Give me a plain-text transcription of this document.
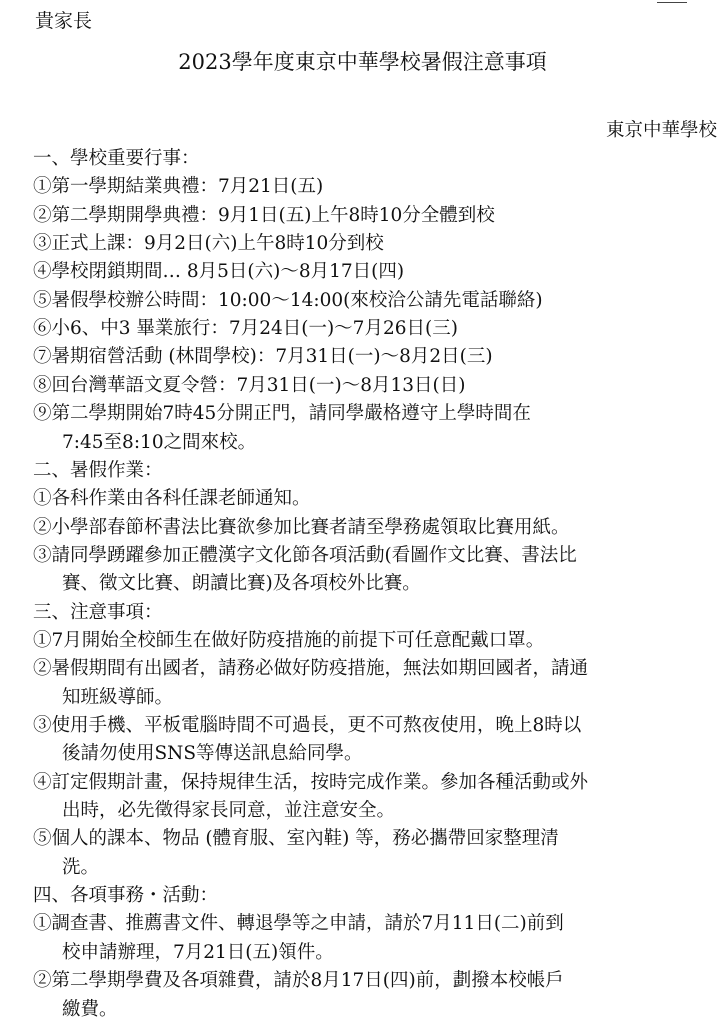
貴家長
2023學年度東京中華學校暑假注意事項
東京中華學校
一、學校重要行事：
①第一學期結業典禮：7月21日(五)
②第二學期開學典禮：9月1日(五)上午8時10分全體到校
③正式上課：9月2日(六)上午8時10分到校
④學校閉鎖期間… 8月5日(六)～8月17日(四)
⑤暑假學校辦公時間：10:00～14:00(來校洽公請先電話聯絡)
⑥小6、中3 畢業旅行：7月24日(一)～7月26日(三)
⑦暑期宿營活動 (林間學校)：7月31日(一)～8月2日(三)
⑧回台灣華語文夏令營：7月31日(一)～8月13日(日)
⑨第二學期開始7時45分開正門，請同學嚴格遵守上學時間在
7:45至8:10之間來校。
二、暑假作業：
①各科作業由各科任課老師通知。
②小學部春節杯書法比賽欲參加比賽者請至學務處領取比賽用紙。
③請同學踴躍參加正體漢字文化節各項活動(看圖作文比賽、書法比
賽、徵文比賽、朗讀比賽)及各項校外比賽。
三、注意事項：
①7月開始全校師生在做好防疫措施的前提下可任意配戴口罩。
②暑假期間有出國者，請務必做好防疫措施，無法如期回國者，請通
知班級導師。
③使用手機、平板電腦時間不可過長，更不可熬夜使用，晚上8時以
後請勿使用SNS等傳送訊息給同學。
④訂定假期計畫，保持規律生活，按時完成作業。參加各種活動或外
出時，必先徵得家長同意，並注意安全。
⑤個人的課本、物品 (體育服、室內鞋) 等，務必攜帶回家整理清
洗。
四、各項事務・活動：
①調查書、推薦書文件、轉退學等之申請，請於7月11日(二)前到
校申請辦理，7月21日(五)領件。
②第二學期學費及各項雜費，請於8月17日(四)前，劃撥本校帳戶
繳費。
